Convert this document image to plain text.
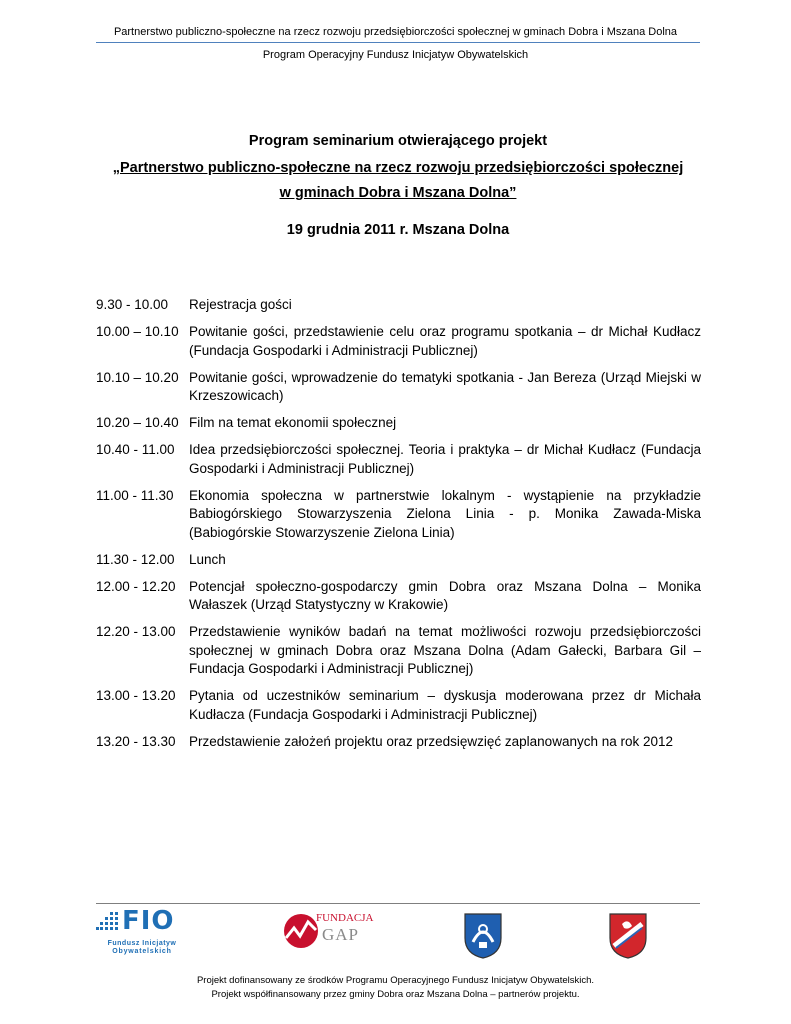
Partnerstwo publiczno-społeczne na rzecz rozwoju przedsiębiorczości społecznej w gminach Dobra i Mszana Dolna
Program Operacyjny Fundusz Inicjatyw Obywatelskich
Program seminarium otwierającego projekt
„Partnerstwo publiczno-społeczne na rzecz rozwoju przedsiębiorczości społecznej
w gminach Dobra i Mszana Dolna”
19 grudnia 2011 r. Mszana Dolna
9.30 - 10.00	Rejestracja gości
10.00 – 10.10 Powitanie gości, przedstawienie celu oraz programu spotkania – dr Michał Kudłacz (Fundacja Gospodarki i Administracji Publicznej)
10.10 – 10.20 Powitanie gości, wprowadzenie do tematyki spotkania - Jan Bereza (Urząd Miejski w Krzeszowicach)
10.20 – 10.40 Film na temat ekonomii społecznej
10.40 - 11.00	Idea przedsiębiorczości społecznej. Teoria i praktyka – dr Michał Kudłacz (Fundacja Gospodarki i Administracji Publicznej)
11.00 - 11.30	Ekonomia społeczna w partnerstwie lokalnym - wystąpienie na przykładzie Babiogórskiego Stowarzyszenia Zielona Linia - p. Monika Zawada-Miska (Babiogórskie Stowarzyszenie Zielona Linia)
11.30 - 12.00	Lunch
12.00 - 12.20 Potencjał społeczno-gospodarczy gmin Dobra oraz Mszana Dolna – Monika Wałaszek (Urząd Statystyczny w Krakowie)
12.20 - 13.00 Przedstawienie wyników badań na temat możliwości rozwoju przedsiębiorczości społecznej w gminach Dobra oraz Mszana Dolna (Adam Gałecki, Barbara Gil – Fundacja Gospodarki i Administracji Publicznej)
13.00 - 13.20 Pytania od uczestników seminarium – dyskusja moderowana przez dr Michała Kudłacza (Fundacja Gospodarki i Administracji Publicznej)
13.20 - 13.30 Przedstawienie założeń projektu oraz przedsięwzięć zaplanowanych na rok 2012
FIO
Fundusz Inicjatyw
Obywatelskich
FUNDACJA
GAP
Projekt dofinansowany ze środków Programu Operacyjnego Fundusz Inicjatyw Obywatelskich.
Projekt współfinansowany przez gminy Dobra oraz Mszana Dolna – partnerów projektu.
